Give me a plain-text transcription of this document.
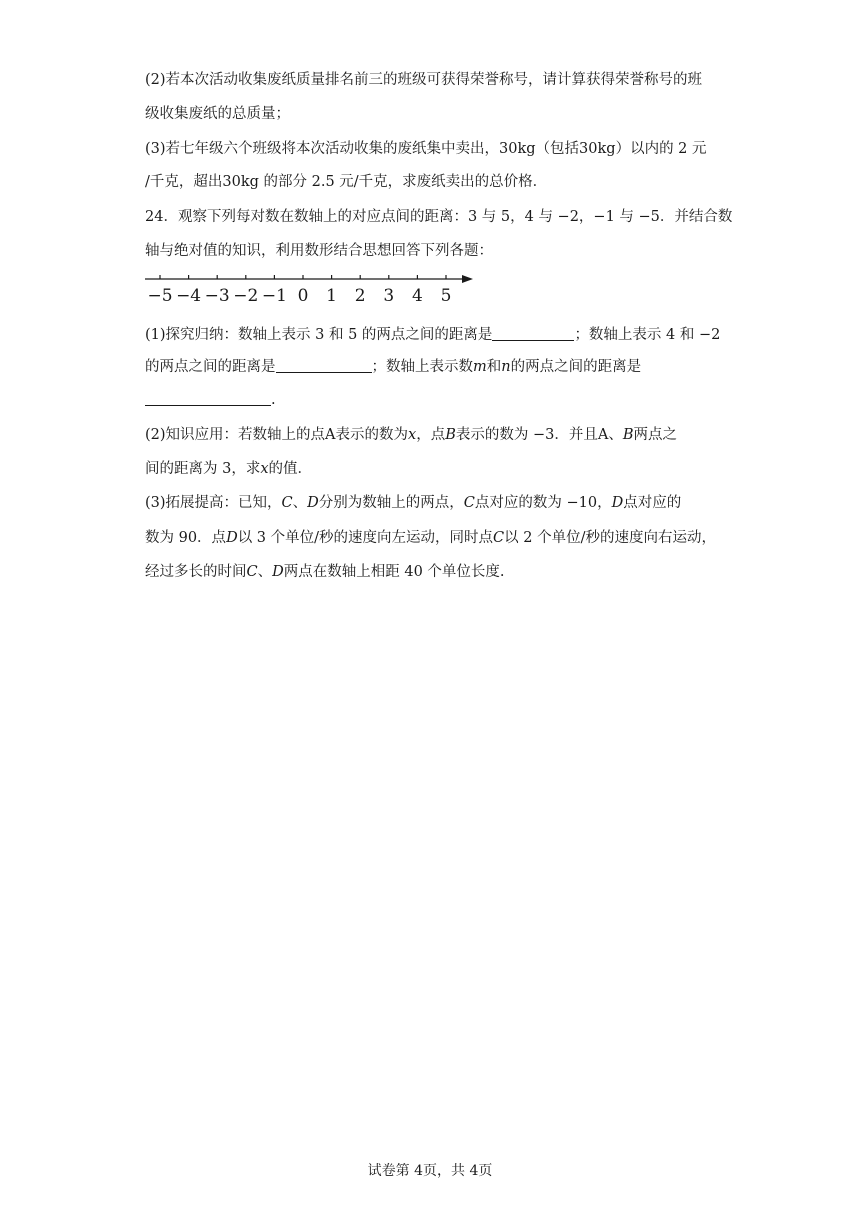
(2)若本次活动收集废纸质量排名前三的班级可获得荣誉称号，请计算获得荣誉称号的班
级收集废纸的总质量；
(3)若七年级六个班级将本次活动收集的废纸集中卖出，30kg（包括30kg）以内的 2 元
/千克，超出30kg 的部分 2.5 元/千克，求废纸卖出的总价格．
24．观察下列每对数在数轴上的对应点间的距离：3 与 5，4 与 −2，−1 与 −5．并结合数
轴与绝对值的知识，利用数形结合思想回答下列各题：
−5 −4 −3 −2 −1 0 1 2 3 4 5
(1)探究归纳：数轴上表示 3 和 5 的两点之间的距离是	；数轴上表示 4 和 −2
的两点之间的距离是	；数轴上表示数m和n的两点之间的距离是
.
(2)知识应用：若数轴上的点A表示的数为x，点B表示的数为 −3．并且A、B两点之
间的距离为 3，求x的值．
(3)拓展提高：已知，C、D分别为数轴上的两点，C点对应的数为 −10，D点对应的
数为 90．点D以 3 个单位/秒的速度向左运动，同时点C以 2 个单位/秒的速度向右运动，
经过多长的时间C、D两点在数轴上相距 40 个单位长度.
试卷第 4页，共 4页
